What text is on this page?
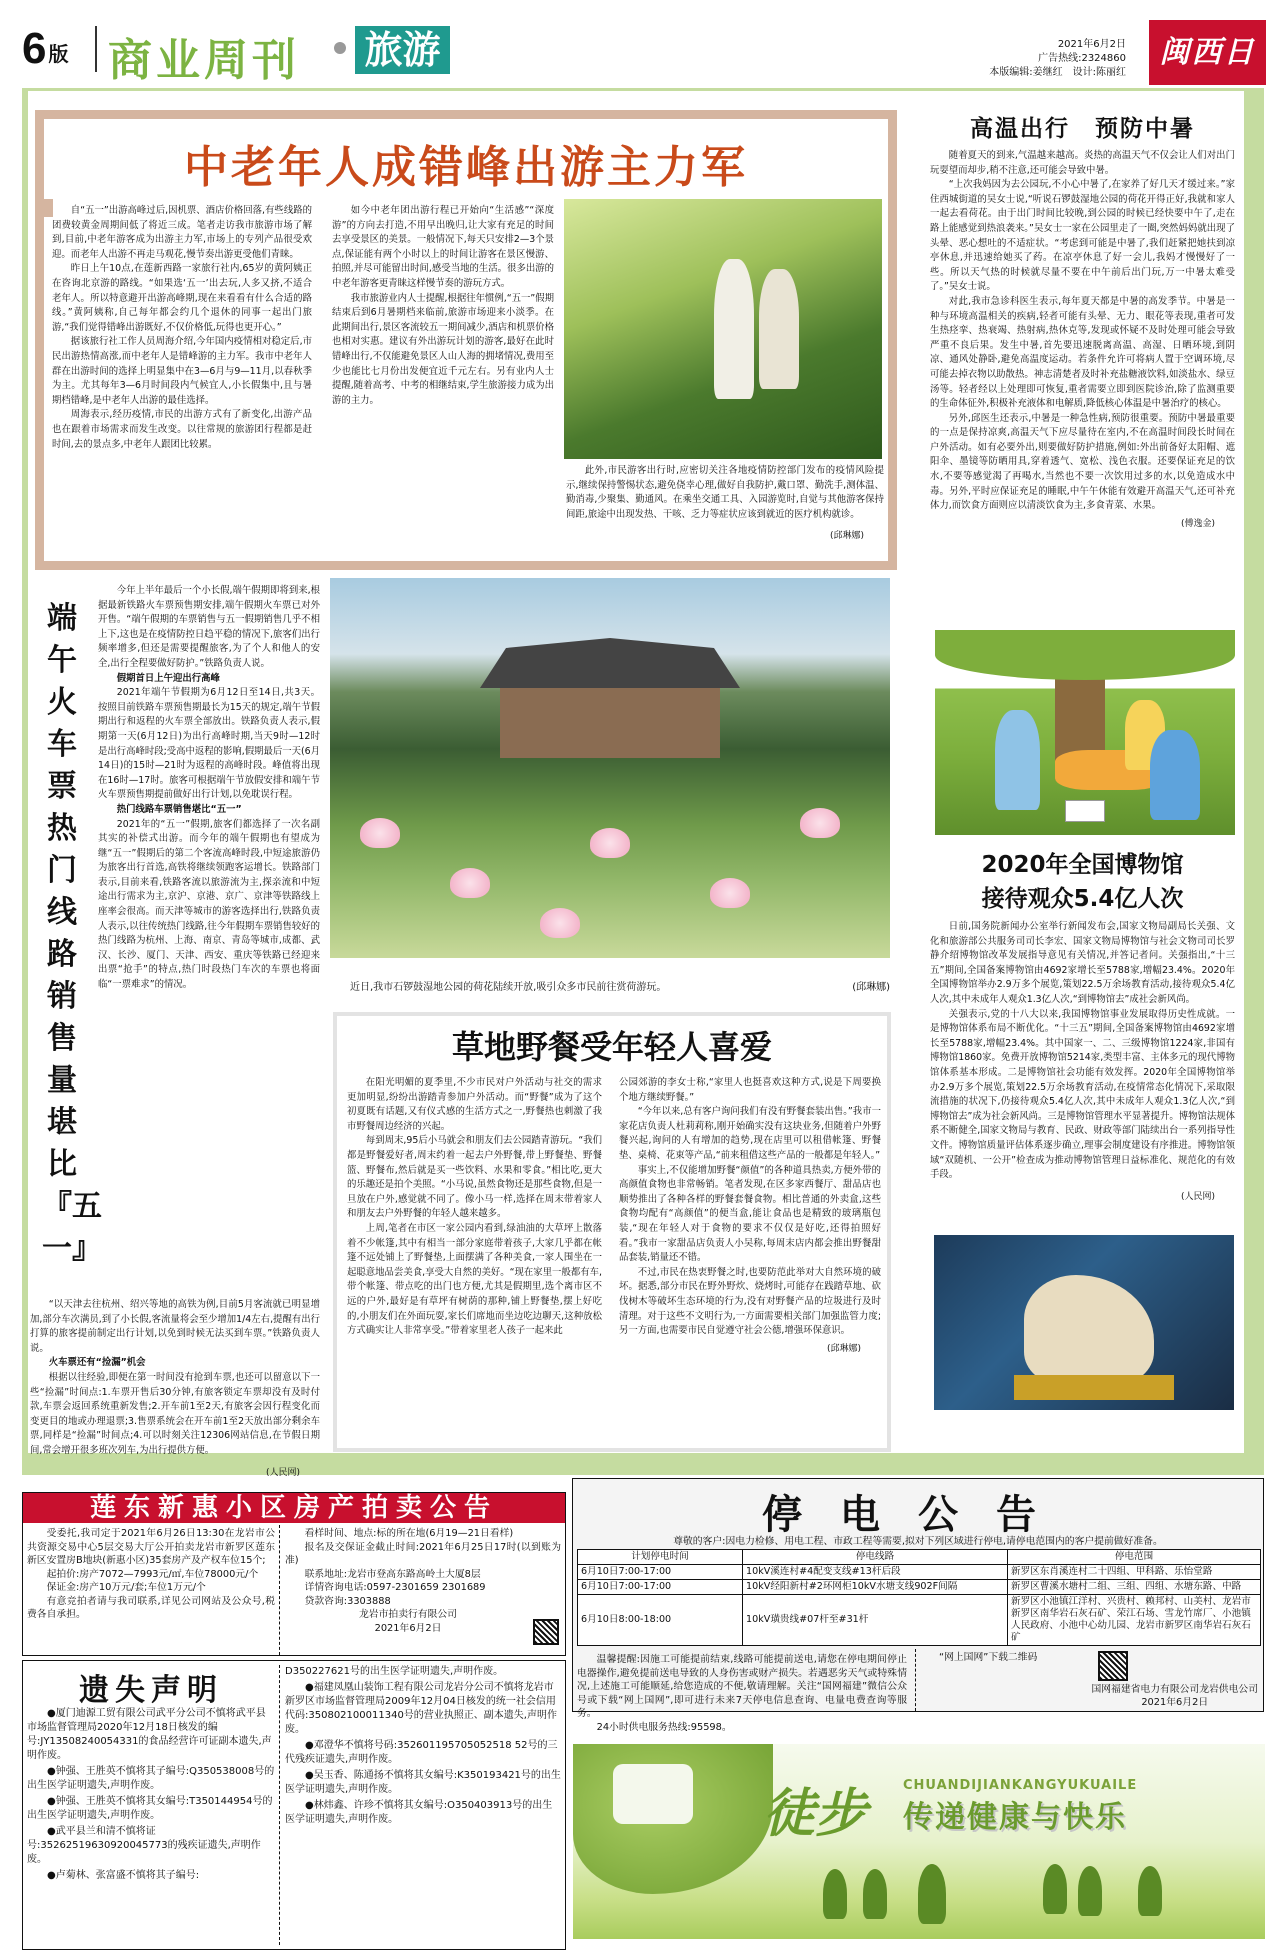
6 版 商业周刊 旅游	2021年6月2日
广告热线:2324860
本版编辑:姜继红　设计:陈丽红
闽西日报
中老年人成错峰出游主力军

自“五一”出游高峰过后,因机票、酒店价格回落,有些线路的团费较黄金周期间低了将近三成。笔者走访我市旅游市场了解到,目前,中老年游客成为出游主力军,市场上的专列产品很受欢迎。而老年人出游不再走马观花,慢节奏出游更受他们青睐。

昨日上午10点,在莲新西路一家旅行社内,65岁的黄阿姨正在咨询北京游的路线。“如果选‘五一’出去玩,人多又挤,不适合老年人。所以特意避开出游高峰期,现在来看看有什么合适的路线。”黄阿姨称,自己每年都会约几个退休的同事一起出门旅游,“我们觉得错峰出游既好,不仅价格低,玩得也更开心。”

据该旅行社工作人员周海介绍,今年国内疫情相对稳定后,市民出游热情高涨,而中老年人是错峰游的主力军。我市中老年人群在出游时间的选择上明显集中在3—6月与9—11月,以春秋季为主。尤其每年3—6月时间段内气候宜人,小长假集中,且与暑期档错峰,是中老年人出游的最佳选择。

周海表示,经历疫情,市民的出游方式有了新变化,出游产品也在跟着市场需求而发生改变。以往常规的旅游团行程都是赶时间,去的景点多,中老年人跟团比较累。

如今中老年团出游行程已开始向“生活感”“深度游”的方向去打造,不用早出晚归,让大家有充足的时间去享受景区的美景。一般情况下,每天只安排2—3个景点,保证能有两个小时以上的时间让游客在景区慢游、拍照,并尽可能留出时间,感受当地的生活。很多出游的中老年游客更青睐这样慢节奏的游玩方式。

我市旅游业内人士提醒,根据往年惯例,“五一”假期结束后到6月暑期档来临前,旅游市场迎来小淡季。在此期间出行,景区客流较五一期间减少,酒店和机票价格也相对实惠。建议有外出游玩计划的游客,最好在此时错峰出行,不仅能避免景区人山人海的拥堵情况,费用至少也能比七月份出发便宜近千元左右。另有业内人士提醒,随着高考、中考的相继结束,学生旅游接力成为出游的主力。

此外,市民游客出行时,应密切关注各地疫情防控部门发布的疫情风险提示,继续保持警惕状态,避免侥幸心理,做好自我防护,戴口罩、勤洗手,测体温、勤消毒,少聚集、勤通风。在乘坐交通工具、入园游览时,自觉与其他游客保持间距,旅途中出现发热、干咳、乏力等症状应该到就近的医疗机构就诊。

(邱琳娜)
端午火车票热门线路销售量堪比『五一』

今年上半年最后一个小长假,端午假期即将到来,根据最新铁路火车票预售期安排,端午假期火车票已对外开售。“端午假期的车票销售与五一假期销售几乎不相上下,这也是在疫情防控日趋平稳的情况下,旅客们出行频率增多,但还是需要提醒旅客,为了个人和他人的安全,出行全程要做好防护。”铁路负责人说。

假期首日上午迎出行高峰

2021年端午节假期为6月12日至14日,共3天。按照目前铁路车票预售期最长为15天的规定,端午节假期出行和返程的火车票全部放出。铁路负责人表示,假期第一天(6月12日)为出行高峰时期,当天9时—12时是出行高峰时段;受高中返程的影响,假期最后一天(6月14日)的15时—21时为返程的高峰时段。峰值将出现在16时—17时。旅客可根据端午节放假安排和端午节火车票预售期提前做好出行计划,以免耽误行程。

热门线路车票销售堪比“五一”

2021年的“五一”假期,旅客们都选择了一次名副其实的补偿式出游。而今年的端午假期也有望成为继“五一”假期后的第二个客流高峰时段,中短途旅游仍为旅客出行首选,高铁将继续领跑客运增长。铁路部门表示,目前来看,铁路客流以旅游流为主,探亲流和中短途出行需求为主,京沪、京港、京广、京津等铁路线上座率会很高。而天津等城市的游客选择出行,铁路负责人表示,以往传统热门线路,往今年假期车票销售较好的热门线路为杭州、上海、南京、青岛等城市,成都、武汉、长沙、厦门、天津、西安、重庆等铁路已经迎来出票“抢手”的特点,热门时段热门车次的车票也将面临“一票难求”的情况。

“以天津去往杭州、绍兴等地的高铁为例,目前5月客流就已明显增加,部分车次满员,到了小长假,客流量将会至少增加1/4左右,提醒有出行打算的旅客提前制定出行计划,以免到时候无法买到车票。”铁路负责人说。

火车票还有“捡漏”机会

根据以往经验,即便在第一时间没有抢到车票,也还可以留意以下一些“捡漏”时间点:1.车票开售后30分钟,有旅客锁定车票却没有及时付款,车票会返回系统重新发售;2.开车前1至2天,有旅客会因行程变化而变更目的地或办理退票;3.售票系统会在开车前1至2天放出部分剩余车票,同样是“捡漏”时间点;4.可以时刻关注12306网站信息,在节假日期间,常会增开很多班次列车,为出行提供方便。

(人民网)
近日,我市石锣鼓湿地公园的荷花陆续开放,吸引众多市民前往赏荷游玩。	(邱琳娜)
草地野餐受年轻人喜爱

在阳光明媚的夏季里,不少市民对户外活动与社交的需求更加明显,纷纷出游踏青参加户外活动。而“野餐”成为了这个初夏既有话题,又有仪式感的生活方式之一,野餐热也刺激了我市野餐周边经济的兴起。

每到周末,95后小马就会和朋友们去公园踏青游玩。“我们都是野餐爱好者,周末约着一起去户外野餐,带上野餐垫、野餐篮、野餐布,然后就是买一些饮料、水果和零食。”相比吃,更大的乐趣还是拍个美照。“小马说,虽然食物还是那些食物,但是一旦放在户外,感觉就不同了。像小马一样,选择在周末带着家人和朋友去户外野餐的年轻人越来越多。

上周,笔者在市区一家公园内看到,绿油油的大草坪上散落着不少帐篷,其中有相当一部分家庭带着孩子,大家几乎都在帐篷不远处铺上了野餐垫,上面摆满了各种美食,一家人围坐在一起聪意地品尝美食,享受大自然的美好。“现在家里一般都有车,带个帐篷、带点吃的出门也方便,尤其是假期里,选个离市区不远的户外,最好是有草坪有树荫的那种,铺上野餐垫,摆上好吃的,小朋友们在外面玩耍,家长们席地而坐边吃边聊天,这种放松方式确实让人非常享受。”带着家里老人孩子一起来此

公园郊游的李女士称,“家里人也挺喜欢这种方式,说是下周要换个地方继续野餐。”

“今年以来,总有客户询问我们有没有野餐套装出售。”我市一家花店负责人杜莉莉称,刚开始确实没有这块业务,但随着户外野餐兴起,询问的人有增加的趋势,现在店里可以租借帐篷、野餐垫、桌椅、花束等产品,“前来租借这些产品的一般都是年轻人。”

事实上,不仅能增加野餐“颜值”的各种道具热卖,方便外带的高颜值食物也非常畅销。笔者发现,在区多家西餐厅、甜品店也顺势推出了各种各样的野餐套餐食物。相比普通的外卖盒,这些食物均配有“高颜值”的便当盒,能让食品也是精致的玻璃瓶包装,“现在年轻人对于食物的要求不仅仅是好吃,还得拍照好看。”我市一家甜品店负责人小吴称,每周末店内都会推出野餐甜品套装,销量还不错。

不过,市民在热衷野餐之时,也要防范此举对大自然环境的破坏。据悉,部分市民在野外野炊、烧烤时,可能存在践踏草地、砍伐树木等破坏生态环境的行为,没有对野餐产品的垃圾进行及时清理。对于这些不文明行为,一方面需要相关部门加强监管力度;另一方面,也需要市民自觉遵守社会公德,增强环保意识。

(邱琳娜)
高温出行　预防中暑

随着夏天的到来,气温越来越高。炎热的高温天气不仅会让人们对出门玩耍望而却步,稍不注意,还可能会导致中暑。

“上次我妈因为去公园玩,不小心中暑了,在家养了好几天才缓过来。”家住西城街道的吴女士说,“听说石锣鼓湿地公园的荷花开得正好,我就和家人一起去看荷花。由于出门时间比较晚,到公园的时候已经快要中午了,走在路上能感觉到热浪袭来。”吴女士一家在公园里走了一圈,突然妈妈就出现了头晕、恶心想吐的不适症状。“考虑到可能是中暑了,我们赶紧把她扶到凉亭休息,并迅速给她买了药。在凉亭休息了好一会儿,我妈才慢慢好了一些。所以天气热的时候就尽量不要在中午前后出门玩,万一中暑太难受了。”吴女士说。

对此,我市急诊科医生表示,每年夏天都是中暑的高发季节。中暑是一种与环境高温相关的疾病,轻者可能有头晕、无力、眼花等表现,重者可发生热痉挛、热衰竭、热射病,热休克等,发现或怀疑不及时处理可能会导致严重不良后果。发生中暑,首先要迅速脱离高温、高湿、日晒环境,到阴凉、通风处静卧,避免高温度运动。若条件允许可将病人置于空调环境,尽可能去掉衣物以助散热。神志清楚者及时补充盐糖液饮料,如淡盐水、绿豆汤等。轻者经以上处理即可恢复,重者需要立即到医院诊治,除了监测重要的生命体征外,积极补充液体和电解质,降低核心体温是中暑治疗的核心。

另外,邱医生还表示,中暑是一种急性病,预防很重要。预防中暑最重要的一点是保持凉爽,高温天气下应尽量待在室内,不在高温时间段长时间在户外活动。如有必要外出,则要做好防护措施,例如:外出前备好太阳帽、遮阳伞、墨镜等防晒用具,穿着透气、宽松、浅色衣服。还要保证充足的饮水,不要等感觉渴了再喝水,当然也不要一次饮用过多的水,以免造成水中毒。另外,平时应保证充足的睡眠,中午午休能有效避开高温天气,还可补充体力,而饮食方面则应以清淡饮食为主,多食青菜、水果。

(傅逸金)
2020年全国博物馆
接待观众5.4亿人次

日前,国务院新闻办公室举行新闻发布会,国家文物局副局长关强、文化和旅游部公共服务司司长李宏、国家文物局博物馆与社会文物司司长罗静介绍博物馆改革发展指导意见有关情况,并答记者问。关强指出,“十三五”期间,全国备案博物馆由4692家增长至5788家,增幅23.4%。2020年全国博物馆举办2.9万多个展览,策划22.5万余场教育活动,接待观众5.4亿人次,其中未成年人观众1.3亿人次,“到博物馆去”成社会新风尚。

关强表示,党的十八大以来,我国博物馆事业发展取得历史性成就。一是博物馆体系布局不断优化。“十三五”期间,全国备案博物馆由4692家增长至5788家,增幅23.4%。其中国家一、二、三级博物馆1224家,非国有博物馆1860家。免费开放博物馆5214家,类型丰富、主体多元的现代博物馆体系基本形成。二是博物馆社会功能有效发挥。2020年全国博物馆举办2.9万多个展览,策划22.5万余场教育活动,在疫情常态化情况下,采取限流措施的状况下,仍接待观众5.4亿人次,其中未成年人观众1.3亿人次,“到博物馆去”成为社会新风尚。三是博物馆管理水平显著提升。博物馆法规体系不断健全,国家文物局与教育、民政、财政等部门陆续出台一系列指导性文件。博物馆质量评估体系逐步确立,理事会制度建设有序推进。博物馆领域“双随机、一公开”检查成为推动博物馆管理日益标准化、规范化的有效手段。

(人民网)
莲东新惠小区房产拍卖公告

受委托,我司定于2021年6月26日13:30在龙岩市公共资源交易中心5层交易大厅公开拍卖龙岩市新罗区莲东新区安置房B地块(新惠小区)35套房产及产权车位15个;

起拍价:房产7072—7993元/㎡,车位78000元/个

保证金:房产10万元/套;车位1万元/个

有意竞拍者请与我司联系,详见公司网站及公众号,税费各自承担。

看样时间、地点:标的所在地(6月19—21日看样)

报名及交保证金截止时间:2021年6月25日17时(以到账为准)

联系地址:龙岩市登高东路高岭土大厦8层

详情咨询电话:0597-2301659 2301689

贷款咨询:3303888

龙岩市拍卖行有限公司
2021年6月2日
停电公告

尊敬的客户:因电力检修、用电工程、市政工程等需要,拟对下列区域进行停电,请停电范围内的客户提前做好准备。

计划停电时间	停电线路	停电范围
6月10日7:00-17:00	10kV溪连村#4配变支线#13杆后段	新罗区东肖溪连村二十四组、甲科路、乐怡堂路
6月10日7:00-17:00	10kV经阳新村#2环网柜10kV水塘支线902F间隔	新罗区曹溪水塘村二组、三组、四组、水塘东路、中路
6月10日8:00-18:00	10kV璜贵线#07杆至#31杆	新罗区小池镇江洋村、兴贵村、赖邦村、山美村、龙岩市新罗区南华岩石灰石矿、荣江石场、雪龙竹席厂、小池镇人民政府、小池中心幼儿园、龙岩市新罗区南华岩石灰石矿

温馨提醒:因施工可能提前结束,线路可能提前送电,请您在停电期间停止电器操作,避免提前送电导致的人身伤害或财产损失。若遇恶劣天气或特殊情况,上述施工可能顺延,给您造成的不便,敬请理解。关注“国网福建”微信公众号或下载“网上国网”,即可进行未来7天停电信息查询、电量电费查询等服务。

24小时供电服务热线:95598。

“网上国网”下载二维码
国网福建省电力有限公司龙岩供电公司
2021年6月2日
遗失声明
●厦门迪源工贸有限公司武平分公司不慎将武平县市场监督管理局2020年12月18日核发的编号:JY13508240054331的食品经营许可证副本遗失,声明作废。
●钟强、王胜英不慎将其子编号:Q350538008号的出生医学证明遗失,声明作废。
●钟强、王胜英不慎将其女编号:T350144954号的出生医学证明遗失,声明作废。
●武平县兰和清不慎将证号:35262519630920045773的残疾证遗失,声明作废。
●卢菊林、张富盛不慎将其子编号:
D350227621号的出生医学证明遗失,声明作废。
●福建凤凰山装饰工程有限公司龙岩分公司不慎将龙岩市新罗区市场监督管理局2009年12月04日核发的统一社会信用代码:350802100011340号的营业执照正、副本遗失,声明作废。
●邓澄华不慎将号码:352601195705052518 52号的三代残疾证遗失,声明作废。
●吴玉香、陈通扬不慎将其女编号:K350193421号的出生医学证明遗失,声明作废。
●林炜鑫、许珍不慎将其女编号:O350403913号的出生医学证明遗失,声明作废。	徒步	CHUANDIJIANKANGYUKUAILE
传递健康与快乐
